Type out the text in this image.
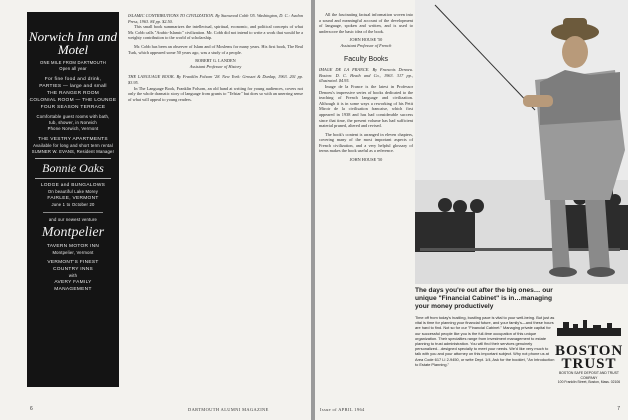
Norwich Inn and Motel
ONE MILE FROM DARTMOUTH
Open all year
For fine food and drink,
PARTIES — large and small
THE RANGER ROOM
COLONIAL ROOM — THE LOUNGE
FOUR SEASON TERRACE
Comfortable guest rooms with bath, tub, shower, in Norwich
Phone Norwich, Vermont
THE VESTRY APARTMENTS
Available for long and short term rental
SUMNER W. EVANS, Resident Manager
Bonnie Oaks
LODGE and BUNGALOWS
On beautiful Lake Morey
FAIRLEE, VERMONT
June 1 to October 20
and our newest venture
Montpelier
TAVERN MOTOR INN
Montpelier, Vermont
VERMONT'S FINEST
COUNTRY INNS
with
AVERY FAMILY
MANAGEMENT
ISLAMIC CONTRIBUTIONS TO CIVILIZATION. By Stanwood Cobb '05. Washington, D. C.: Avalon Press, 1963. 84 pp. $2.50.

This small book summarizes the intellectual, spiritual, economic, and political concepts of what Mr. Cobb calls "Arabic-Islamic" civilization. Mr. Cobb did not intend to write a work that would be a weighty contribution to the world of scholarship.

Mr. Cobb has been an observer of Islam and of Moslems for many years. His first book, The Real Turk, which appeared some 50 years ago, was a study of a people.

ROBERT G. LANDEN
Assistant Professor of History
THE LANGUAGE BOOK. By Franklin Folsom '28. New York: Grosset & Dunlap, 1963. 201 pp. $3.95.

In The Language Book, Franklin Folsom, an old hand at writing for young audiences, covers not only the whole dramatic story of language from grunts to "Telstar" but does so with an unerring sense of what will appeal to young readers.

6	DARTMOUTH ALUMNI MAGAZINE

All the fascinating factual information woven into a sound and meaningful account of the development of language, spoken and written, and is used to underscore the basic idea of the book.

JOHN HOUSE '50
Assistant Professor of French
Faculty Books
IMAGE DE LA FRANCE. By Francois Denoeu. Boston: D. C. Heath and Co., 1963. 317 pp., illustrated. $4.95.

Image de la France is the latest in Professor Denoeu's impressive series of books dedicated to the teaching of French language and civilization. Although it is in some ways a reworking of his Petit Miroir de la civilisation francaise, which first appeared in 1938 and has had considerable success since that time, the present volume has had sufficient material pruned, altered and revised.

The book's content is arranged in eleven chapters, covering many of the most important aspects of French civilization, and a very helpful glossary of terms makes the book useful as a reference.

JOHN HOUSE '50
The days you're out after the big ones… our unique "Financial Cabinet" is in…managing your money productively
Time off from today's hustling, bustling pace is vital to your well-being. But just as vital is time for planning your financial future, and your family's—and these hours are hard to find. Not so for our "Financial Cabinet." Managing private capital for our successful people like you is the full-time occupation of this unique organization. Their specialties range from investment management to estate planning to trust administration. You will find their services genuinely personalized…designed specially to meet your needs. We'd like very much to talk with you and your attorney on this important subject. Why not phone us at Area Code 617 LI 2-9450, or write Dept. 1/4, Ask for the booklet, "An Introduction to Estate Planning."
BOSTON TRUST
BOSTON SAFE DEPOSIT AND TRUST COMPANY
100 Franklin Street, Boston, Mass. 02106
Issue of APRIL 1964	7
